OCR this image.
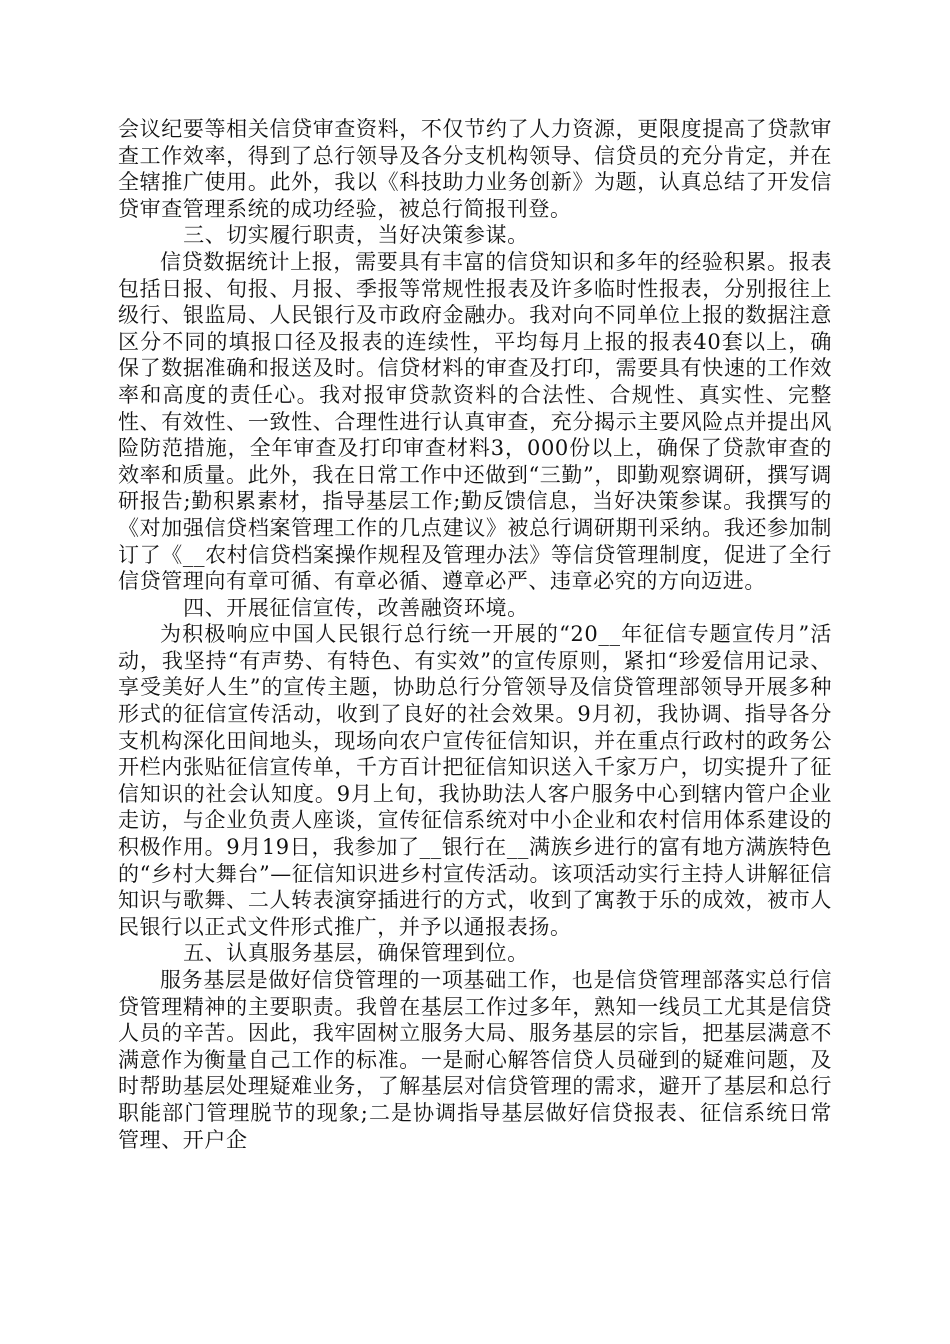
会议纪要等相关信贷审查资料，不仅节约了人力资源，更限度提高了贷款审查工作效率，得到了总行领导及各分支机构领导、信贷员的充分肯定，并在全辖推广使用。此外，我以《科技助力业务创新》为题，认真总结了开发信贷审查管理系统的成功经验，被总行简报刊登。

三、切实履行职责，当好决策参谋。

信贷数据统计上报，需要具有丰富的信贷知识和多年的经验积累。报表包括日报、旬报、月报、季报等常规性报表及许多临时性报表，分别报往上级行、银监局、人民银行及市政府金融办。我对向不同单位上报的数据注意区分不同的填报口径及报表的连续性，平均每月上报的报表40套以上，确保了数据准确和报送及时。信贷材料的审查及打印，需要具有快速的工作效率和高度的责任心。我对报审贷款资料的合法性、合规性、真实性、完整性、有效性、一致性、合理性进行认真审查，充分揭示主要风险点并提出风险防范措施，全年审查及打印审查材料3，000份以上，确保了贷款审查的效率和质量。此外，我在日常工作中还做到“三勤”，即勤观察调研，撰写调研报告;勤积累素材，指导基层工作;勤反馈信息，当好决策参谋。我撰写的《对加强信贷档案管理工作的几点建议》被总行调研期刊采纳。我还参加制订了《__农村信贷档案操作规程及管理办法》等信贷管理制度，促进了全行信贷管理向有章可循、有章必循、遵章必严、违章必究的方向迈进。

四、开展征信宣传，改善融资环境。

为积极响应中国人民银行总行统一开展的“20__年征信专题宣传月”活动，我坚持“有声势、有特色、有实效”的宣传原则，紧扣“珍爱信用记录、享受美好人生”的宣传主题，协助总行分管领导及信贷管理部领导开展多种形式的征信宣传活动，收到了良好的社会效果。9月初，我协调、指导各分支机构深化田间地头，现场向农户宣传征信知识，并在重点行政村的政务公开栏内张贴征信宣传单，千方百计把征信知识送入千家万户，切实提升了征信知识的社会认知度。9月上旬，我协助法人客户服务中心到辖内管户企业走访，与企业负责人座谈，宣传征信系统对中小企业和农村信用体系建设的积极作用。9月19日，我参加了__银行在__满族乡进行的富有地方满族特色的“乡村大舞台”—征信知识进乡村宣传活动。该项活动实行主持人讲解征信知识与歌舞、二人转表演穿插进行的方式，收到了寓教于乐的成效，被市人民银行以正式文件形式推广，并予以通报表扬。

五、认真服务基层，确保管理到位。

服务基层是做好信贷管理的一项基础工作，也是信贷管理部落实总行信贷管理精神的主要职责。我曾在基层工作过多年，熟知一线员工尤其是信贷人员的辛苦。因此，我牢固树立服务大局、服务基层的宗旨，把基层满意不满意作为衡量自己工作的标准。一是耐心解答信贷人员碰到的疑难问题，及时帮助基层处理疑难业务，了解基层对信贷管理的需求，避开了基层和总行职能部门管理脱节的现象;二是协调指导基层做好信贷报表、征信系统日常管理、开户企
